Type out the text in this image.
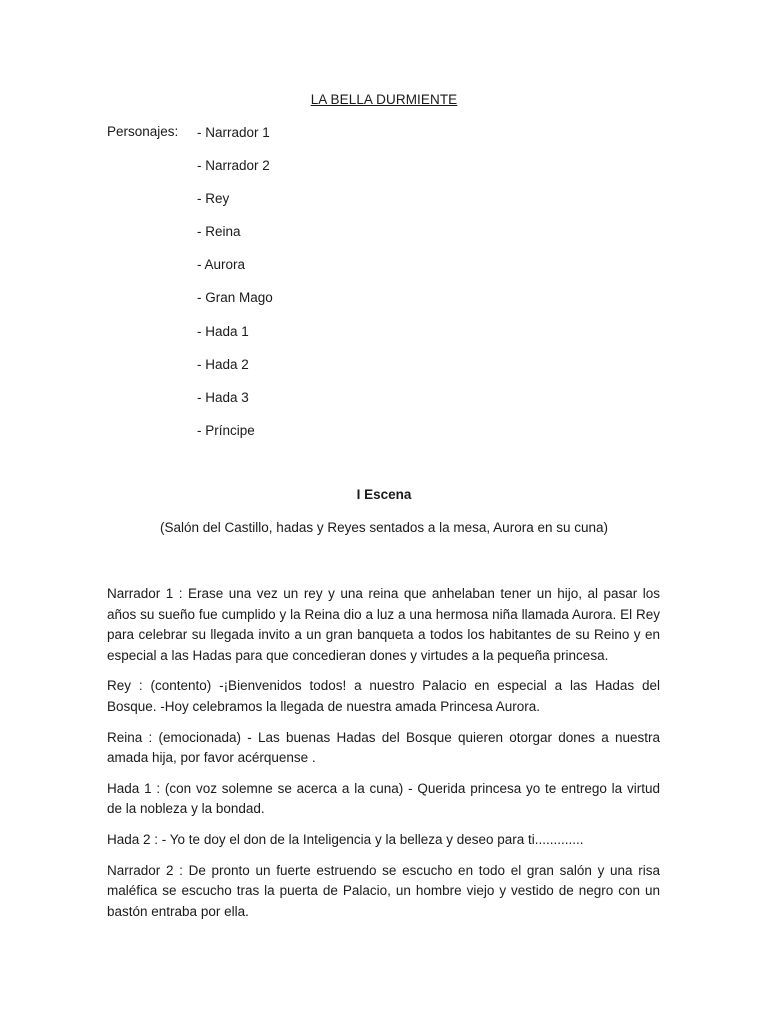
LA BELLA DURMIENTE
Personajes: - Narrador 1
- Narrador 2
- Rey
- Reina
- Aurora
- Gran Mago
- Hada 1
- Hada 2
- Hada 3
- Príncipe
I Escena
(Salón del Castillo, hadas y Reyes sentados a la mesa, Aurora en su cuna)

Narrador 1 : Erase una vez un rey y una reina que anhelaban tener un hijo, al pasar los años su sueño fue cumplido y la Reina dio a luz a una hermosa niña llamada Aurora. El Rey para celebrar su llegada invito a un gran banqueta a todos los habitantes de su Reino y en especial a las Hadas para que concedieran dones y virtudes a la pequeña princesa.

Rey : (contento) -¡Bienvenidos todos! a nuestro Palacio en especial a las Hadas del Bosque. -Hoy celebramos la llegada de nuestra amada Princesa Aurora.

Reina : (emocionada) - Las buenas Hadas del Bosque quieren otorgar dones a nuestra amada hija, por favor acérquense .

Hada 1 : (con voz solemne se acerca a la cuna) - Querida princesa yo te entrego la virtud de la nobleza y la bondad.

Hada 2 : - Yo te doy el don de la Inteligencia y la belleza y deseo para ti.............

Narrador 2 : De pronto un fuerte estruendo se escucho en todo el gran salón y una risa maléfica se escucho tras la puerta de Palacio, un hombre viejo y vestido de negro con un bastón entraba por ella.
